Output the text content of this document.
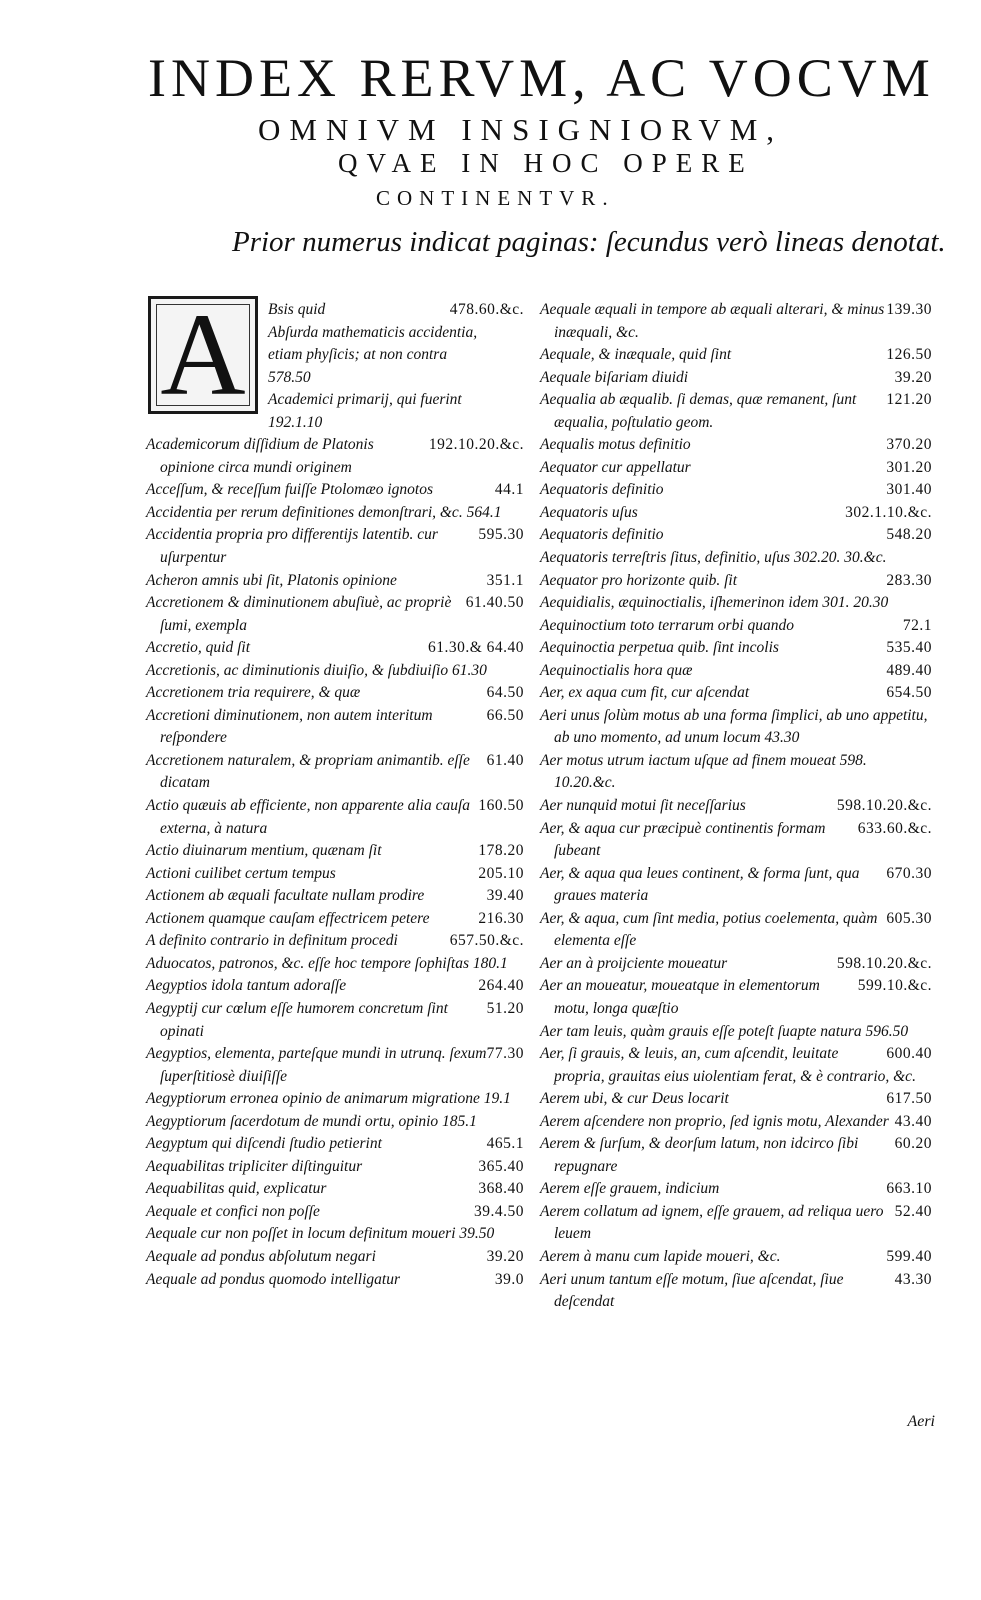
INDEX RERVM, AC VOCVM
OMNIVM INSIGNIORVM,
QVAE IN HOC OPERE
CONTINENTVR.
Prior numerus indicat paginas: ſecundus verò lineas denotat.
A	478.60.&c.
Bsis quid
Abſurda mathematicis accidentia,
etiam phyſicis; at non contra
578.50
Academici primarij, qui fuerint
192.1.10
192.10.20.&c.
Academicorum diſſidium de Platonis opinione circa mundi originem
44.1
Acceſſum, & receſſum fuiſſe Ptolomæo ignotos
Accidentia per rerum definitiones demonſtrari, &c. 564.1
595.30
Accidentia propria pro differentijs latentib. cur uſurpentur
351.1
Acheron amnis ubi ſit, Platonis opinione
61.40.50
Accretionem & diminutionem abuſiuè, ac propriè ſumi, exempla
61.30.& 64.40
Accretio, quid ſit
Accretionis, ac diminutionis diuiſio, & ſubdiuiſio 61.30
64.50
Accretionem tria requirere, & quæ
66.50
Accretioni diminutionem, non autem interitum reſpondere
61.40
Accretionem naturalem, & propriam animantib. eſſe dicatam
160.50
Actio quæuis ab efficiente, non apparente alia cauſa externa, à natura
178.20
Actio diuinarum mentium, quænam ſit
205.10
Actioni cuilibet certum tempus
39.40
Actionem ab æquali facultate nullam prodire
216.30
Actionem quamque cauſam effectricem petere
657.50.&c.
A definito contrario in definitum procedi
Aduocatos, patronos, &c. eſſe hoc tempore ſophiſtas 180.1
264.40
Aegyptios idola tantum adoraſſe
51.20
Aegyptij cur cœlum eſſe humorem concretum ſint opinati
77.30
Aegyptios, elementa, parteſque mundi in utrunq. ſexum ſuperſtitiosè diuiſiſſe
Aegyptiorum erronea opinio de animarum migratione 19.1
Aegyptiorum ſacerdotum de mundi ortu, opinio 185.1
465.1
Aegyptum qui diſcendi ſtudio petierint
365.40
Aequabilitas tripliciter diſtinguitur
368.40
Aequabilitas quid, explicatur
39.4.50
Aequale et confici non poſſe
Aequale cur non poſſet in locum definitum moueri 39.50
39.20
Aequale ad pondus abſolutum negari
39.0
Aequale ad pondus quomodo intelligatur
139.30
Aequale æquali in tempore ab æquali alterari, & minus inæquali, &c.
126.50
Aequale, & inæquale, quid ſint
39.20
Aequale biſariam diuidi
121.20
Aequalia ab æqualib. ſi demas, quæ remanent, ſunt æqualia, poſtulatio geom.
370.20
Aequalis motus definitio
301.20
Aequator cur appellatur
301.40
Aequatoris definitio
302.1.10.&c.
Aequatoris uſus
548.20
Aequatoris definitio
Aequatoris terreſtris ſitus, definitio, uſus 302.20. 30.&c.
283.30
Aequator pro horizonte quib. ſit
Aequidialis, æquinoctialis, iſhemerinon idem 301. 20.30
72.1
Aequinoctium toto terrarum orbi quando
535.40
Aequinoctia perpetua quib. ſint incolis
489.40
Aequinoctialis hora quæ
654.50
Aer, ex aqua cum fit, cur aſcendat
Aeri unus ſolùm motus ab una forma ſimplici, ab uno appetitu, ab uno momento, ad unum locum 43.30
Aer motus utrum iactum uſque ad finem moueat 598. 10.20.&c.
598.10.20.&c.
Aer nunquid motui ſit neceſſarius
633.60.&c.
Aer, & aqua cur præcipuè continentis formam ſubeant
670.30
Aer, & aqua qua leues continent, & forma ſunt, qua graues materia
605.30
Aer, & aqua, cum ſint media, potius coelementa, quàm elementa eſſe
598.10.20.&c.
Aer an à proijciente moueatur
599.10.&c.
Aer an moueatur, moueatque in elementorum motu, longa quæſtio
Aer tam leuis, quàm grauis eſſe poteſt ſuapte natura 596.50
600.40
Aer, ſi grauis, & leuis, an, cum aſcendit, leuitate propria, grauitas eius uiolentiam ferat, & è contrario, &c.
617.50
Aerem ubi, & cur Deus locarit
43.40
Aerem aſcendere non proprio, ſed ignis motu, Alexander
60.20
Aerem & ſurſum, & deorſum latum, non idcirco ſibi repugnare
663.10
Aerem eſſe grauem, indicium
52.40
Aerem collatum ad ignem, eſſe grauem, ad reliqua uero leuem
599.40
Aerem à manu cum lapide moueri, &c.
43.30
Aeri unum tantum eſſe motum, ſiue aſcendat, ſiue deſcendat
Aeri
